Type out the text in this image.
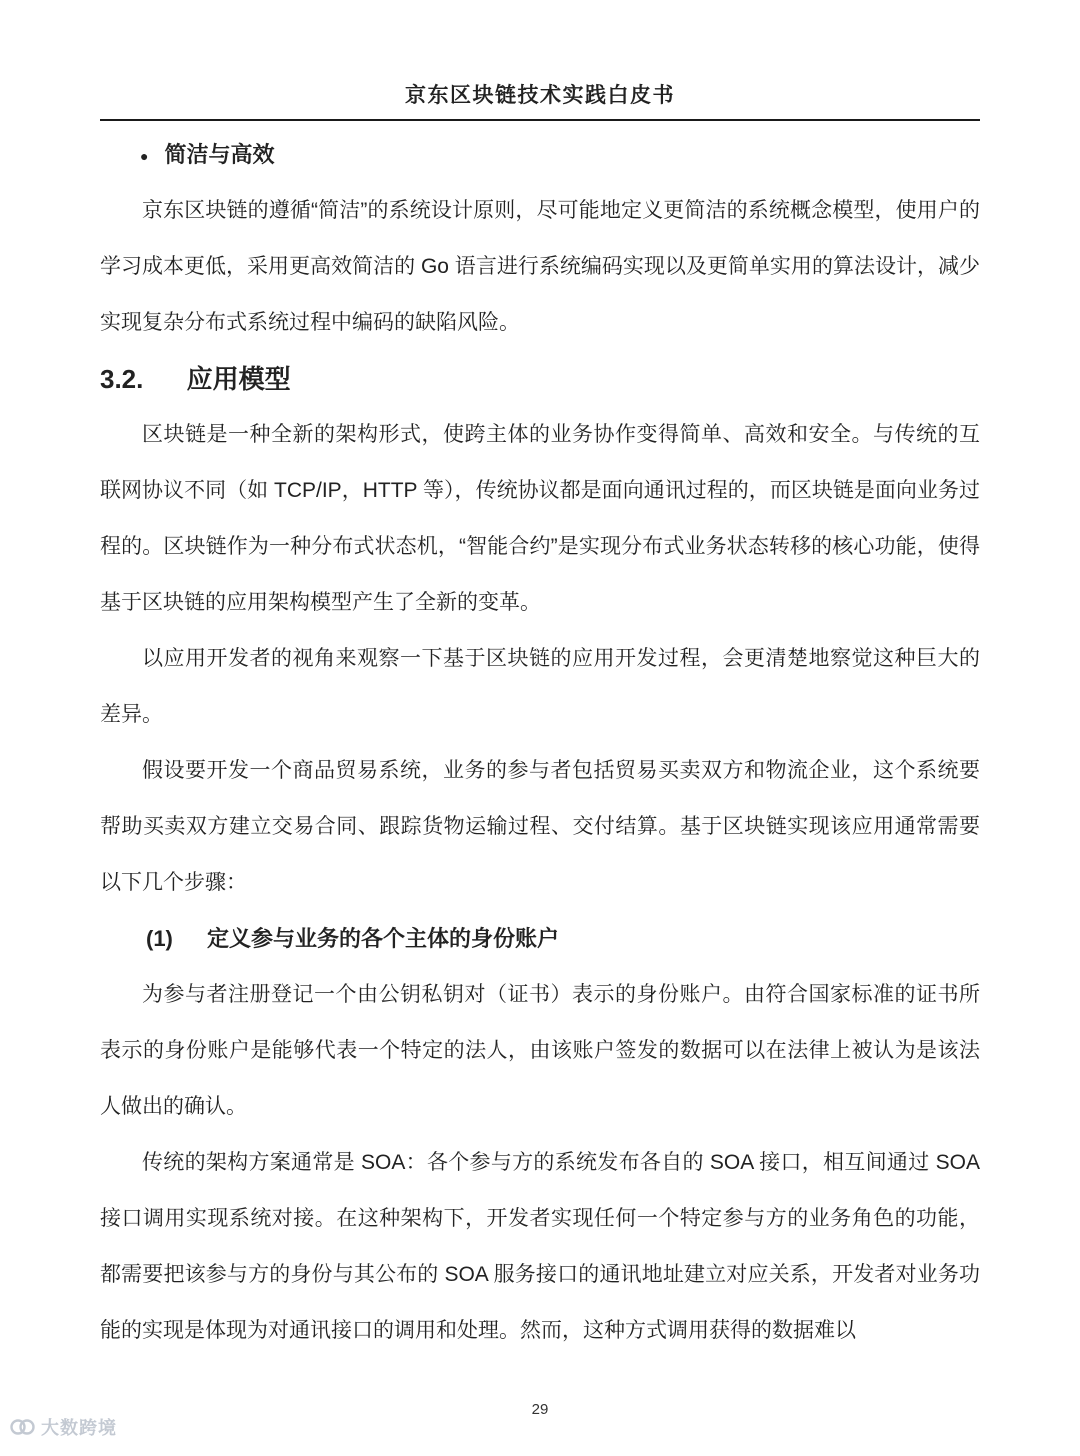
京东区块链技术实践白皮书
● 简洁与高效

京东区块链的遵循“简洁”的系统设计原则，尽可能地定义更简洁的系统概念模型，使用户的学习成本更低，采用更高效简洁的 Go 语言进行系统编码实现以及更简单实用的算法设计，减少实现复杂分布式系统过程中编码的缺陷风险。

3.2. 应用模型

区块链是一种全新的架构形式，使跨主体的业务协作变得简单、高效和安全。与传统的互联网协议不同（如 TCP/IP，HTTP 等），传统协议都是面向通讯过程的，而区块链是面向业务过程的。区块链作为一种分布式状态机，“智能合约”是实现分布式业务状态转移的核心功能，使得基于区块链的应用架构模型产生了全新的变革。

以应用开发者的视角来观察一下基于区块链的应用开发过程，会更清楚地察觉这种巨大的差异。

假设要开发一个商品贸易系统，业务的参与者包括贸易买卖双方和物流企业，这个系统要帮助买卖双方建立交易合同、跟踪货物运输过程、交付结算。基于区块链实现该应用通常需要以下几个步骤：

(1) 定义参与业务的各个主体的身份账户

为参与者注册登记一个由公钥私钥对（证书）表示的身份账户。由符合国家标准的证书所表示的身份账户是能够代表一个特定的法人，由该账户签发的数据可以在法律上被认为是该法人做出的确认。

传统的架构方案通常是 SOA：各个参与方的系统发布各自的 SOA 接口，相互间通过 SOA 接口调用实现系统对接。在这种架构下，开发者实现任何一个特定参与方的业务角色的功能，都需要把该参与方的身份与其公布的 SOA 服务接口的通讯地址建立对应关系，开发者对业务功能的实现是体现为对通讯接口的调用和处理。然而，这种方式调用获得的数据难以

29
大数跨境
